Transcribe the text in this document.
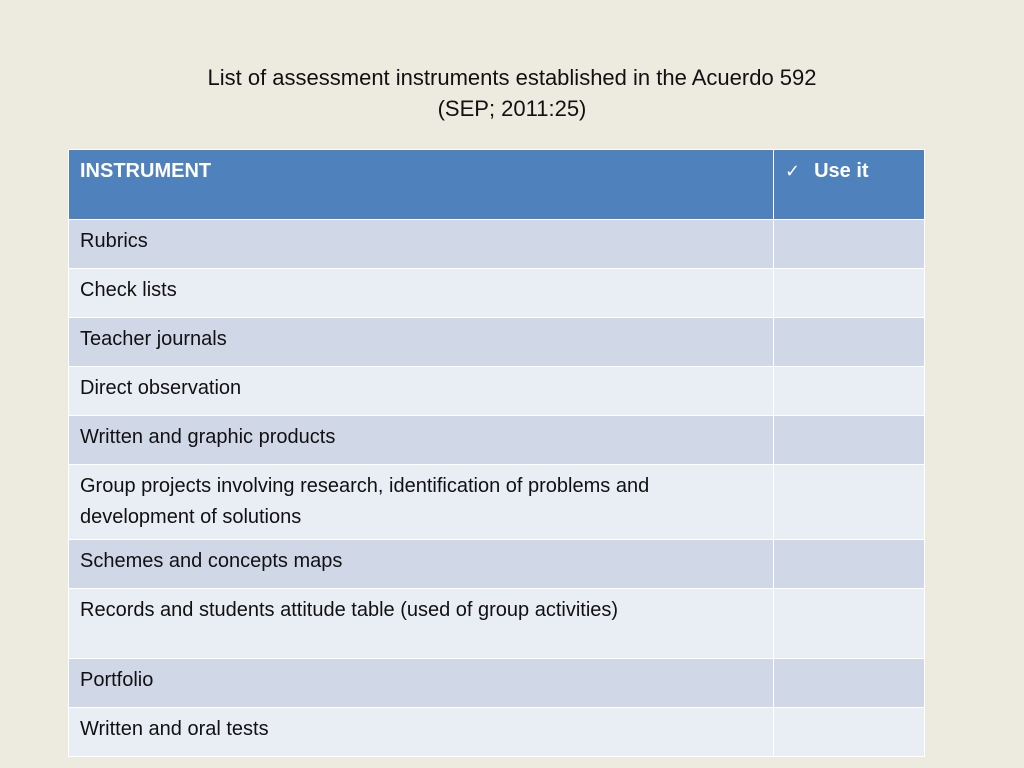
List of assessment instruments established in the Acuerdo 592
(SEP; 2011:25)
INSTRUMENT	✓ Use it
Rubrics	
Check lists	
Teacher journals	
Direct observation	
Written and graphic products	
Group projects involving research, identification of problems and development of solutions	
Schemes and concepts maps	
Records and students attitude table (used of group activities)	
Portfolio	
Written and oral tests	
